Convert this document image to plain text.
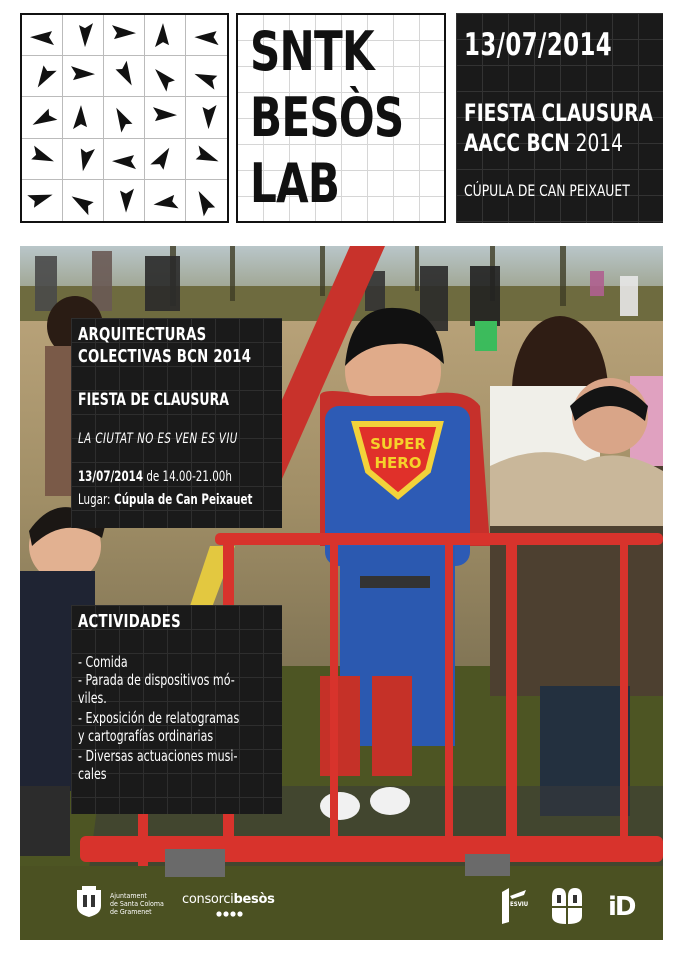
SNTK
BESÒS
LAB
13/07/2014
FIESTA CLAUSURA
AACC BCN 2014
CÚPULA DE CAN PEIXAUET
SUPER
HERO
Ajuntament
de Santa Coloma
de Gramenet
consorcibesòs	ESVIU	iD
ARQUITECTURAS
COLECTIVAS BCN 2014
FIESTA DE CLAUSURA
LA CIUTAT NO ES VEN ES VIU
13/07/2014 de 14.00-21.00h
Lugar: Cúpula de Can Peixauet
ACTIVIDADES
- Comida
- Parada de dispositivos mó-
viles.
- Exposición de relatogramas
y cartografías ordinarias
- Diversas actuaciones musi-
cales
